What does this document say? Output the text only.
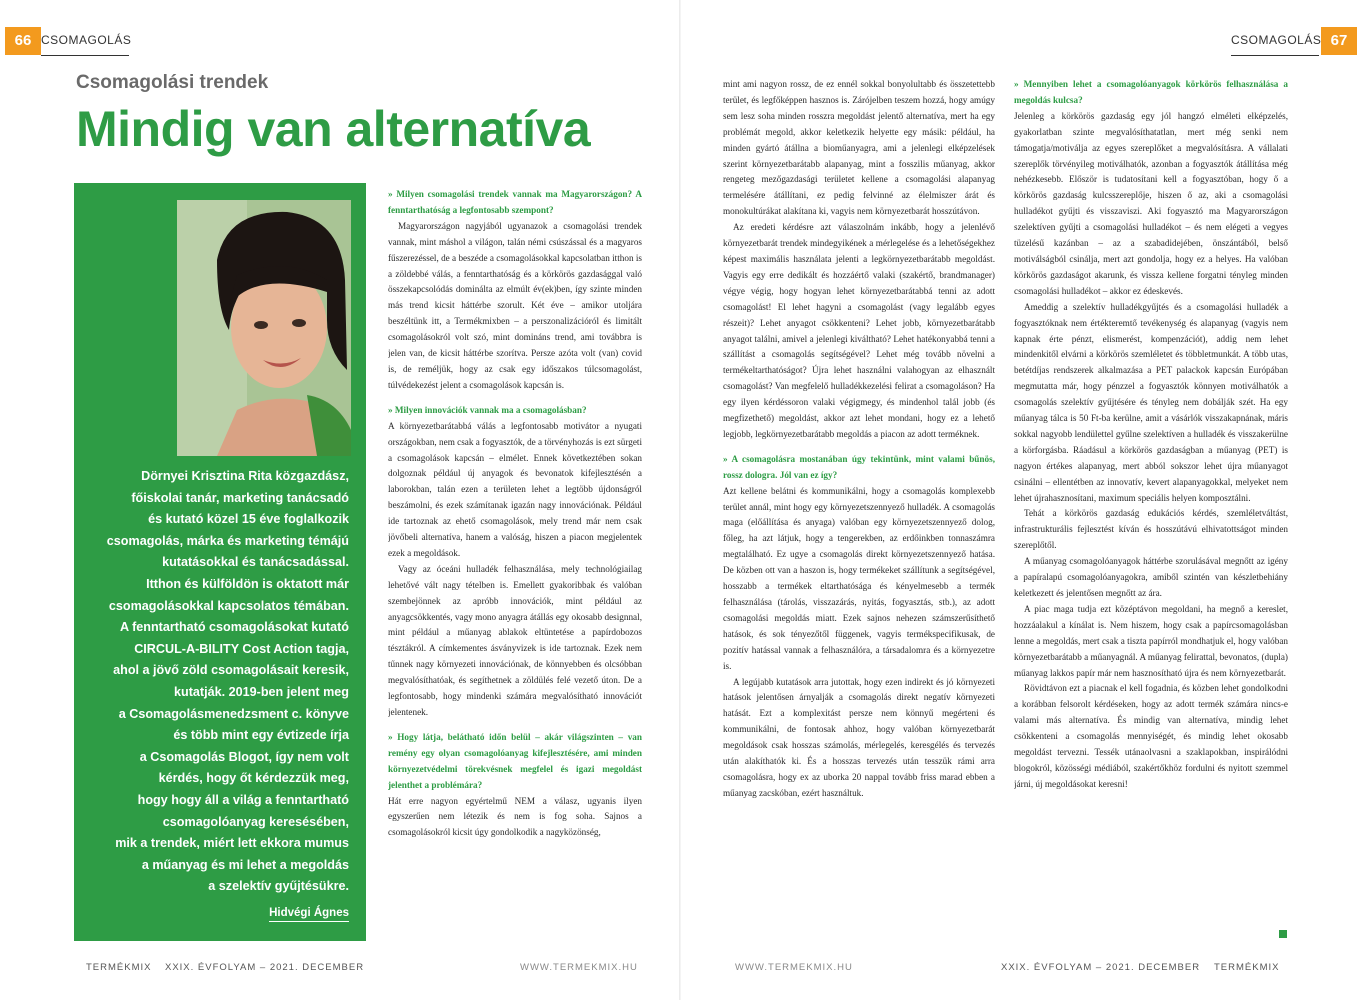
66 CSOMAGOLÁS	CSOMAGOLÁS 67
Csomagolási trendek
Mindig van alternatíva
Dörnyei Krisztina Rita közgazdász,
főiskolai tanár, marketing tanácsadó
és kutató közel 15 éve foglalkozik
csomagolás, márka és marketing témájú
kutatásokkal és tanácsadással.
Itthon és külföldön is oktatott már
csomagolásokkal kapcsolatos témában.
A fenntartható csomagolásokat kutató
CIRCUL-A-BILITY Cost Action tagja,
ahol a jövő zöld csomagolásait keresik,
kutatják. 2019-ben jelent meg
a Csomagolásmenedzsment c. könyve
és több mint egy évtizede írja
a Csomagolás Blogot, így nem volt
kérdés, hogy őt kérdezzük meg,
hogy hogy áll a világ a fenntartható
csomagolóanyag keresésében,
mik a trendek, miért lett ekkora mumus
a műanyag és mi lehet a megoldás
a szelektív gyűjtésükre.
Hidvégi Ágnes

» Milyen csomagolási trendek vannak ma Magyarországon? A fenntarthatóság a legfontosabb szempont?

Magyarországon nagyjából ugyanazok a csomagolási trendek vannak, mint máshol a világon, talán némi csúszással és a magyaros fűszerezéssel, de a beszéde a csomagolásokkal kapcsolatban itthon is a zöldebbé válás, a fenntarthatóság és a körkörös gazdasággal való összekapcsolódás dominálta az elmúlt év(ek)ben, így szinte minden más trend kicsit háttérbe szorult. Két éve – amikor utoljára beszéltünk itt, a Termékmixben – a perszonalizációról és limitált csomagolásokról volt szó, mint domináns trend, ami továbbra is jelen van, de kicsit háttérbe szorítva. Persze azóta volt (van) covid is, de reméljük, hogy az csak egy időszakos túlcsomagolást, túlvédekezést jelent a csomagolások kapcsán is.

» Milyen innovációk vannak ma a csomagolásban?

A környezetbarátabbá válás a legfontosabb motivátor a nyugati országokban, nem csak a fogyasztók, de a törvényhozás is ezt sürgeti a csomagolások kapcsán – elmélet. Ennek következtében sokan dolgoznak például új anyagok és bevonatok kifejlesztésén a laborokban, talán ezen a területen lehet a legtöbb újdonságról beszámolni, és ezek számítanak igazán nagy innovációnak. Például ide tartoznak az ehető csomagolások, mely trend már nem csak jövőbeli alternatíva, hanem a valóság, hiszen a piacon megjelentek ezek a megoldások.

Vagy az óceáni hulladék felhasználása, mely technológiailag lehetővé vált nagy tételben is. Emellett gyakoribbak és valóban szembejönnek az apróbb innovációk, mint például az anyagcsökkentés, vagy mono anyagra átállás egy okosabb designnal, mint például a műanyag ablakok eltüntetése a papírdobozos tésztákról. A címkementes ásványvizek is ide tartoznak. Ezek nem tűnnek nagy környezeti innovációnak, de könnyebben és olcsóbban megvalósíthatóak, és segíthetnek a zöldülés felé vezető úton. De a legfontosabb, hogy mindenki számára megvalósítható innovációt jelentenek.

» Hogy látja, belátható időn belül – akár világszinten – van remény egy olyan csomagolóanyag kifejlesztésére, ami minden környezetvédelmi törekvésnek megfelel és igazi megoldást jelenthet a problémára?

Hát erre nagyon egyértelmű NEM a válasz, ugyanis ilyen egyszerűen nem létezik és nem is fog soha. Sajnos a csomagolásokról kicsit úgy gondolkodik a nagyközönség,

mint ami nagyon rossz, de ez ennél sokkal bonyolultabb és összetettebb terület, és legfőképpen hasznos is. Zárójelben teszem hozzá, hogy amúgy sem lesz soha minden rosszra megoldást jelentő alternatíva, mert ha egy problémát megold, akkor keletkezik helyette egy másik: például, ha minden gyártó átállna a bioműanyagra, ami a jelenlegi elképzelések szerint környezetbarátabb alapanyag, mint a fosszilis műanyag, akkor rengeteg mezőgazdasági területet kellene a csomagolási alapanyag termelésére átállítani, ez pedig felvinné az élelmiszer árát és monokultúrákat alakítana ki, vagyis nem környezetbarát hosszútávon.

Az eredeti kérdésre azt válaszolnám inkább, hogy a jelenlévő környezetbarát trendek mindegyikének a mérlegelése és a lehetőségekhez képest maximális használata jelenti a legkörnyezetbarátabb megoldást. Vagyis egy erre dedikált és hozzáértő valaki (szakértő, brandmanager) végye végig, hogy hogyan lehet környezetbarátabbá tenni az adott csomagolást! El lehet hagyni a csomagolást (vagy legalább egyes részeit)? Lehet anyagot csökkenteni? Lehet jobb, környezetbarátabb anyagot találni, amivel a jelenlegi kiváltható? Lehet hatékonyabbá tenni a szállítást a csomagolás segítségével? Lehet még tovább növelni a termékeltarthatóságot? Újra lehet használni valahogyan az elhasznált csomagolást? Van megfelelő hulladékkezelési felirat a csomagoláson? Ha egy ilyen kérdéssoron valaki végigmegy, és mindenhol talál jobb (és megfizethető) megoldást, akkor azt lehet mondani, hogy ez a lehető legjobb, legkörnyezetbarátabb megoldás a piacon az adott terméknek.

» A csomagolásra mostanában úgy tekintünk, mint valami bűnös, rossz dologra. Jól van ez így?

Azt kellene belátni és kommunikálni, hogy a csomagolás komplexebb terület annál, mint hogy egy környezetszennyező hulladék. A csomagolás maga (előállítása és anyaga) valóban egy környezetszennyező dolog, főleg, ha azt látjuk, hogy a tengerekben, az erdőinkben tonnaszámra megtalálható. Ez ugye a csomagolás direkt környezetszennyező hatása. De közben ott van a haszon is, hogy termékeket szállítunk a segítségével, hosszabb a termékek eltarthatósága és kényelmesebb a termék felhasználása (tárolás, visszazárás, nyitás, fogyasztás, stb.), az adott csomagolási megoldás miatt. Ezek sajnos nehezen számszerűsíthető hatások, és sok tényezőtől függenek, vagyis termékspecifikusak, de pozitív hatással vannak a felhasználóra, a társadalomra és a környezetre is.

A legújabb kutatások arra jutottak, hogy ezen indirekt és jó környezeti hatások jelentősen árnyalják a csomagolás direkt negatív környezeti hatását. Ezt a komplexitást persze nem könnyű megérteni és kommunikálni, de fontosak ahhoz, hogy valóban környezetbarát megoldások csak hosszas számolás, mérlegelés, keresgélés és tervezés után alakíthatók ki. És a hosszas tervezés után tesszük rámi arra csomagolásra, hogy ex az uborka 20 nappal tovább friss marad ebben a műanyag zacskóban, ezért használtuk.

» Mennyiben lehet a csomagolóanyagok körkörös felhasználása a megoldás kulcsa?

Jelenleg a körkörös gazdaság egy jól hangzó elméleti elképzelés, gyakorlatban szinte megvalósíthatatlan, mert még senki nem támogatja/motiválja az egyes szereplőket a megvalósításra. A vállalati szereplők törvényileg motiválhatók, azonban a fogyasztók átállítása még nehézkesebb. Először is tudatosítani kell a fogyasztóban, hogy ő a körkörös gazdaság kulcsszereplője, hiszen ő az, aki a csomagolási hulladékot gyűjti és visszaviszi. Aki fogyasztó ma Magyarországon szelektíven gyűjti a csomagolási hulladékot – és nem elégeti a vegyes tüzelésű kazánban – az a szabadidejében, önszántából, belső motiválságból csinálja, mert azt gondolja, hogy ez a helyes. Ha valóban körkörös gazdaságot akarunk, és vissza kellene forgatni tényleg minden csomagolási hulladékot – akkor ez édeskevés.

Ameddig a szelektív hulladékgyűjtés és a csomagolási hulladék a fogyasztóknak nem értékteremtő tevékenység és alapanyag (vagyis nem kapnak érte pénzt, elismerést, kompenzációt), addig nem lehet mindenkitől elvárni a körkörös szemléletet és többletmunkát. A több utas, betétdíjas rendszerek alkalmazása a PET palackok kapcsán Európában megmutatta már, hogy pénzzel a fogyasztók könnyen motiválhatók a csomagolás szelektív gyűjtésére és tényleg nem dobálják szét. Ha egy műanyag tálca is 50 Ft-ba kerülne, amit a vásárlók visszakapnának, máris sokkal nagyobb lendülettel gyűlne szelektíven a hulladék és visszakerülne a körforgásba. Ráadásul a körkörös gazdaságban a műanyag (PET) is nagyon értékes alapanyag, mert abból sokszor lehet újra műanyagot csinálni – ellentétben az innovatív, kevert alapanyagokkal, melyeket nem lehet újrahasznosítani, maximum speciális helyen komposztálni.

Tehát a körkörös gazdaság edukációs kérdés, szemléletváltást, infrastrukturális fejlesztést kíván és hosszútávú elhivatottságot minden szereplőtől.

A műanyag csomagolóanyagok háttérbe szorulásával megnőtt az igény a papíralapú csomagolóanyagokra, amiből szintén van készletbehiány keletkezett és jelentősen megnőtt az ára.

A piac maga tudja ezt középtávon megoldani, ha megnő a kereslet, hozzáalakul a kínálat is. Nem hiszem, hogy csak a papírcsomagolásban lenne a megoldás, mert csak a tiszta papírról mondhatjuk el, hogy valóban környezetbarátabb a műanyagnál. A műanyag felirattal, bevonatos, (dupla) műanyag lakkos papír már nem hasznosítható újra és nem környezetbarát.

Rövidtávon ezt a piacnak el kell fogadnia, és közben lehet gondolkodni a korábban felsorolt kérdéseken, hogy az adott termék számára nincs-e valami más alternatíva. És mindig van alternatíva, mindig lehet csökkenteni a csomagolás mennyiségét, és mindig lehet okosabb megoldást tervezni. Tessék utánaolvasni a szaklapokban, inspirálódni blogokról, közösségi médiából, szakértőkhöz fordulni és nyitott szemmel járni, új megoldásokat keresni!

TERMÉKMIX XXIX. ÉVFOLYAM – 2021. DECEMBER	WWW.TERMEKMIX.HU	WWW.TERMEKMIX.HU	XXIX. ÉVFOLYAM – 2021. DECEMBER TERMÉKMIX
